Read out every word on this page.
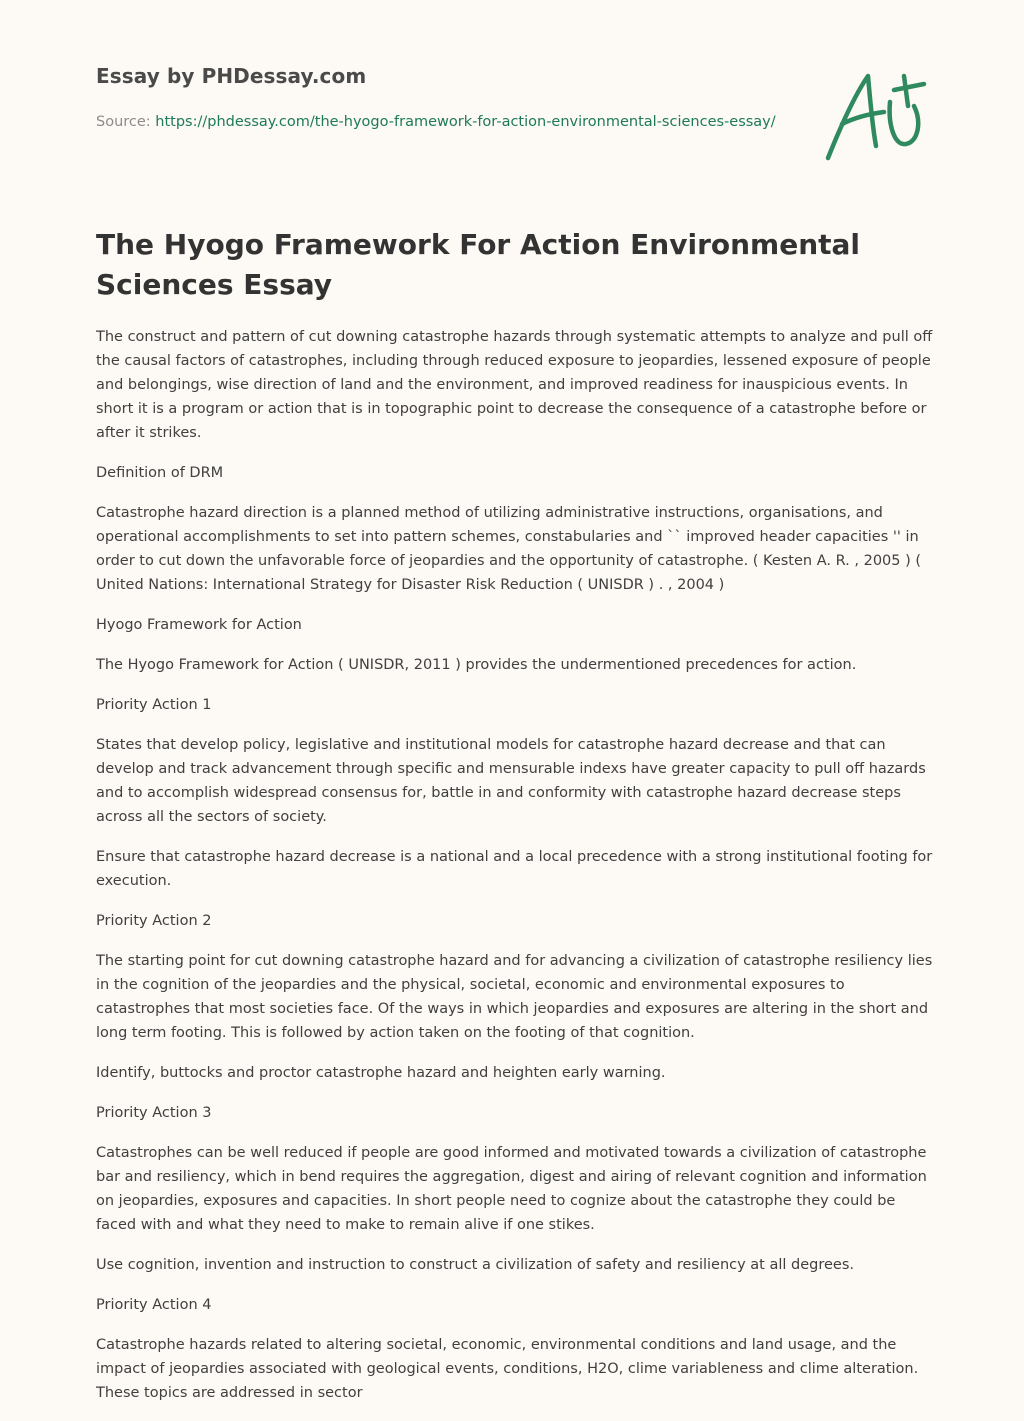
Essay by PHDessay.com
Source: https://phdessay.com/the-hyogo-framework-for-action-environmental-sciences-essay/
The Hyogo Framework For Action Environmental Sciences Essay

The construct and pattern of cut downing catastrophe hazards through systematic attempts to analyze and pull off the causal factors of catastrophes, including through reduced exposure to jeopardies, lessened exposure of people and belongings, wise direction of land and the environment, and improved readiness for inauspicious events. In short it is a program or action that is in topographic point to decrease the consequence of a catastrophe before or after it strikes.

Definition of DRM

Catastrophe hazard direction is a planned method of utilizing administrative instructions, organisations, and operational accomplishments to set into pattern schemes, constabularies and `` improved header capacities '' in order to cut down the unfavorable force of jeopardies and the opportunity of catastrophe. ( Kesten A. R. , 2005 ) ( United Nations: International Strategy for Disaster Risk Reduction ( UNISDR ) . , 2004 )

Hyogo Framework for Action

The Hyogo Framework for Action ( UNISDR, 2011 ) provides the undermentioned precedences for action.

Priority Action 1

States that develop policy, legislative and institutional models for catastrophe hazard decrease and that can develop and track advancement through specific and mensurable indexs have greater capacity to pull off hazards and to accomplish widespread consensus for, battle in and conformity with catastrophe hazard decrease steps across all the sectors of society.

Ensure that catastrophe hazard decrease is a national and a local precedence with a strong institutional footing for execution.

Priority Action 2

The starting point for cut downing catastrophe hazard and for advancing a civilization of catastrophe resiliency lies in the cognition of the jeopardies and the physical, societal, economic and environmental exposures to catastrophes that most societies face. Of the ways in which jeopardies and exposures are altering in the short and long term footing. This is followed by action taken on the footing of that cognition.

Identify, buttocks and proctor catastrophe hazard and heighten early warning.

Priority Action 3

Catastrophes can be well reduced if people are good informed and motivated towards a civilization of catastrophe bar and resiliency, which in bend requires the aggregation, digest and airing of relevant cognition and information on jeopardies, exposures and capacities. In short people need to cognize about the catastrophe they could be faced with and what they need to make to remain alive if one stikes.

Use cognition, invention and instruction to construct a civilization of safety and resiliency at all degrees.

Priority Action 4

Catastrophe hazards related to altering societal, economic, environmental conditions and land usage, and the impact of jeopardies associated with geological events, conditions, H2O, clime variableness and clime alteration. These topics are addressed in sector
